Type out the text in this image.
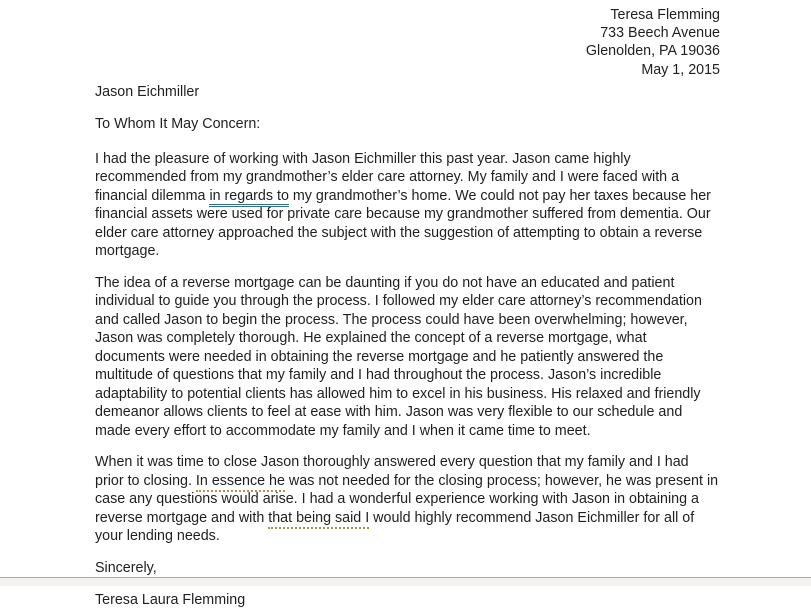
Teresa Flemming
733 Beech Avenue
Glenolden, PA 19036
May 1, 2015
Jason Eichmiller
To Whom It May Concern:

I had the pleasure of working with Jason Eichmiller this past year. Jason came highly recommended from my grandmother’s elder care attorney. My family and I were faced with a financial dilemma in regards to my grandmother’s home. We could not pay her taxes because her financial assets were used for private care because my grandmother suffered from dementia. Our elder care attorney approached the subject with the suggestion of attempting to obtain a reverse mortgage.

The idea of a reverse mortgage can be daunting if you do not have an educated and patient individual to guide you through the process. I followed my elder care attorney’s recommendation and called Jason to begin the process. The process could have been overwhelming; however, Jason was completely thorough. He explained the concept of a reverse mortgage, what documents were needed in obtaining the reverse mortgage and he patiently answered the multitude of questions that my family and I had throughout the process. Jason’s incredible adaptability to potential clients has allowed him to excel in his business. His relaxed and friendly demeanor allows clients to feel at ease with him. Jason was very flexible to our schedule and made every effort to accommodate my family and I when it came time to meet.

When it was time to close Jason thoroughly answered every question that my family and I had prior to closing. In essence he was not needed for the closing process; however, he was present in case any questions would arise. I had a wonderful experience working with Jason in obtaining a reverse mortgage and with that being said I would highly recommend Jason Eichmiller for all of your lending needs.

Sincerely,
Teresa Laura Flemming
